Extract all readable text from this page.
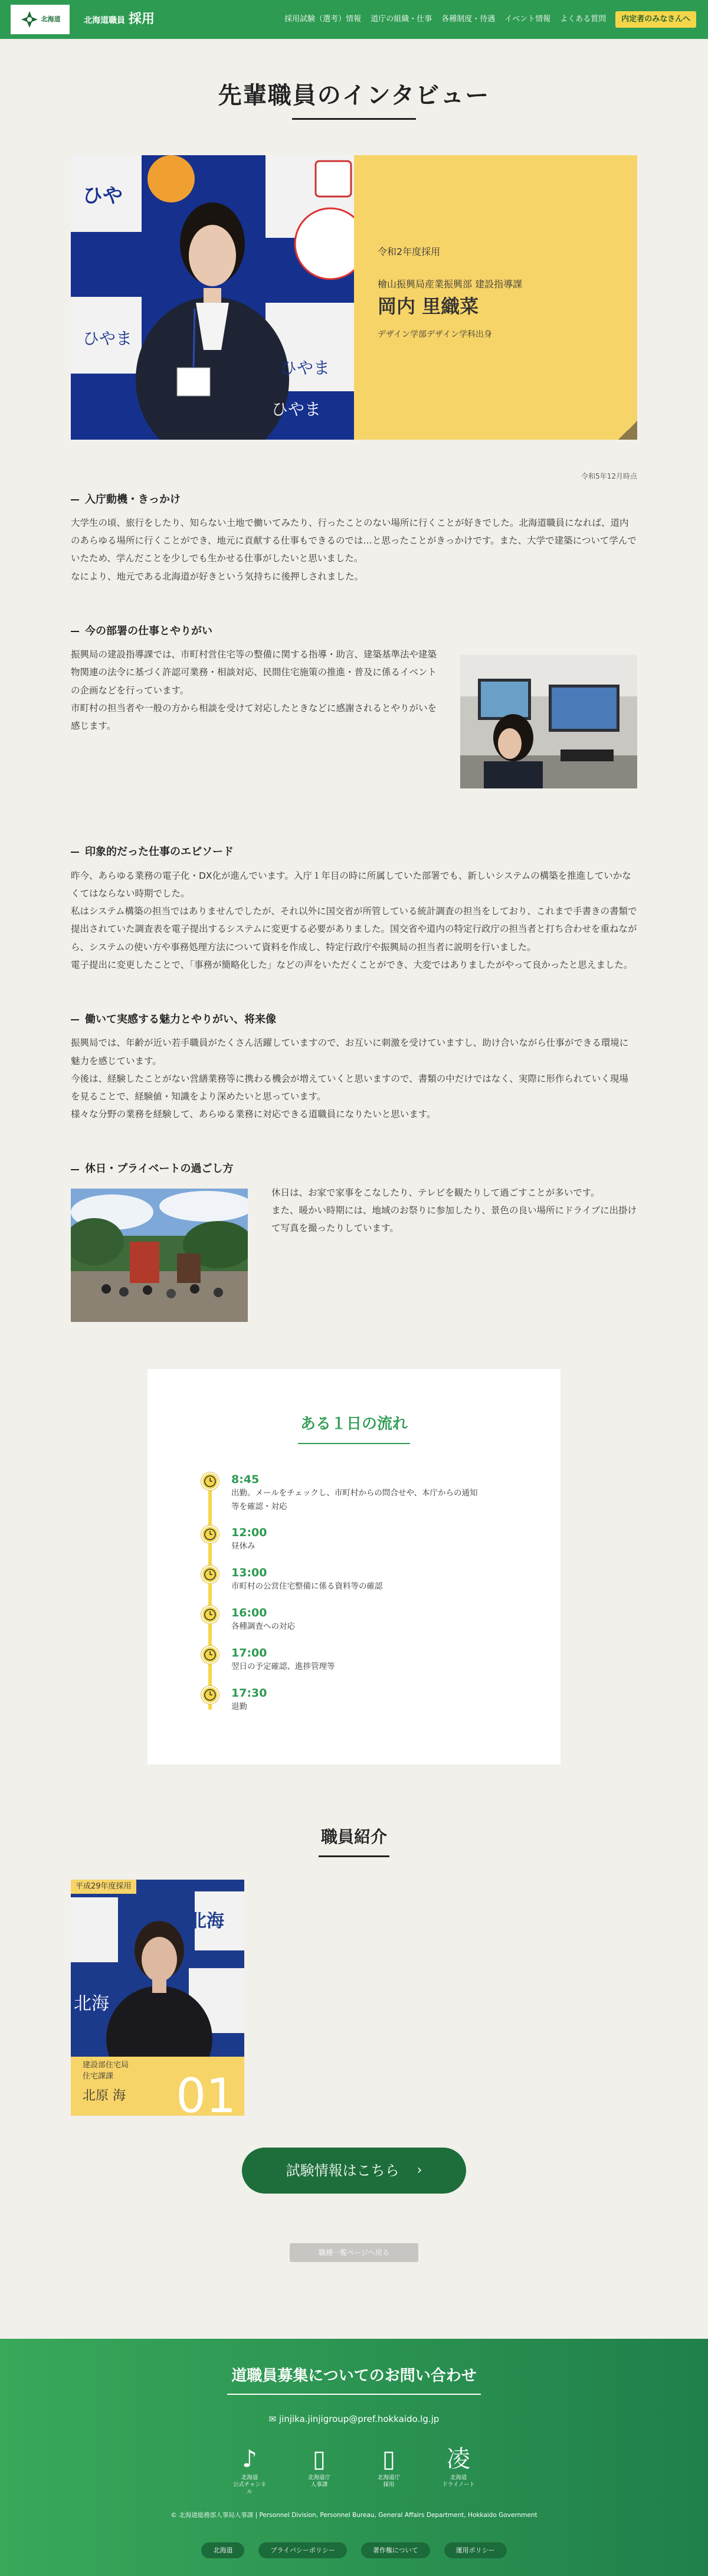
北海道	北海道職員 採用	採用試験（選考）情報 道庁の組織・仕事 各種制度・待遇 イベント情報 よくある質問	内定者のみなさんへ
先輩職員のインタビュー
ひや
ひやま
ひやま
ひやま

令和2年度採用

檜山振興局産業振興部 建設指導課

岡内 里織菜

デザイン学部デザイン学科出身

令和5年12月時点

入庁動機・きっかけ

大学生の頃、旅行をしたり、知らない土地で働いてみたり、行ったことのない場所に行くことが好きでした。北海道職員になれば、道内のあらゆる場所に行くことができ、地元に貢献する仕事もできるのでは…と思ったことがきっかけです。また、大学で建築について学んでいたため、学んだことを少しでも生かせる仕事がしたいと思いました。
なにより、地元である北海道が好きという気持ちに後押しされました。

今の部署の仕事とやりがい

振興局の建設指導課では、市町村営住宅等の整備に関する指導・助言、建築基準法や建築物関連の法令に基づく許認可業務・相談対応、民間住宅施策の推進・普及に係るイベントの企画などを行っています。
市町村の担当者や一般の方から相談を受けて対応したときなどに感謝されるとやりがいを感じます。

印象的だった仕事のエピソード

昨今、あらゆる業務の電子化・DX化が進んでいます。入庁１年目の時に所属していた部署でも、新しいシステムの構築を推進していかなくてはならない時期でした。
私はシステム構築の担当ではありませんでしたが、それ以外に国交省が所管している統計調査の担当をしており、これまで手書きの書類で提出されていた調査表を電子提出するシステムに変更する必要がありました。国交省や道内の特定行政庁の担当者と打ち合わせを重ねながら、システムの使い方や事務処理方法について資料を作成し、特定行政庁や振興局の担当者に説明を行いました。
電子提出に変更したことで、「事務が簡略化した」などの声をいただくことができ、大変ではありましたがやって良かったと思えました。

働いて実感する魅力とやりがい、将来像

振興局では、年齢が近い若手職員がたくさん活躍していますので、お互いに刺激を受けていますし、助け合いながら仕事ができる環境に魅力を感じています。
今後は、経験したことがない営繕業務等に携わる機会が増えていくと思いますので、書類の中だけではなく、実際に形作られていく現場を見ることで、経験値・知識をより深めたいと思っています。
様々な分野の業務を経験して、あらゆる業務に対応できる道職員になりたいと思います。

休日・プライベートの過ごし方

休日は、お家で家事をこなしたり、テレビを観たりして過ごすことが多いです。
また、暖かい時期には、地域のお祭りに参加したり、景色の良い場所にドライブに出掛けて写真を撮ったりしています。

ある１日の流れ
8:45
出勤。メールをチェックし、市町村からの問合せや、本庁からの通知等を確認・対応
12:00
昼休み
13:00
市町村の公営住宅整備に係る資料等の確認
16:00
各種調査への対応
17:00
翌日の予定確認、進捗管理等
17:30
退勤
職員紹介
北海
北海
平成29年度採用
建設部住宅局
住宅課課
北原 海 01
試験情報はこちら ›
職種一覧ページへ戻る
道職員募集についてのお問い合わせ

✉ jinjika.jinjigroup@pref.hokkaido.lg.jp

♪
北海道
公式チャンネル
▯
北海道庁
人事課
▯
北海道庁
採用
凌
北海道
ドライノート

© 北海道総務部人事局人事課 | Personnel Division, Personnel Bureau, General Affairs Department, Hokkaido Government

北海道	プライバシーポリシー	著作権について	運用ポリシー
